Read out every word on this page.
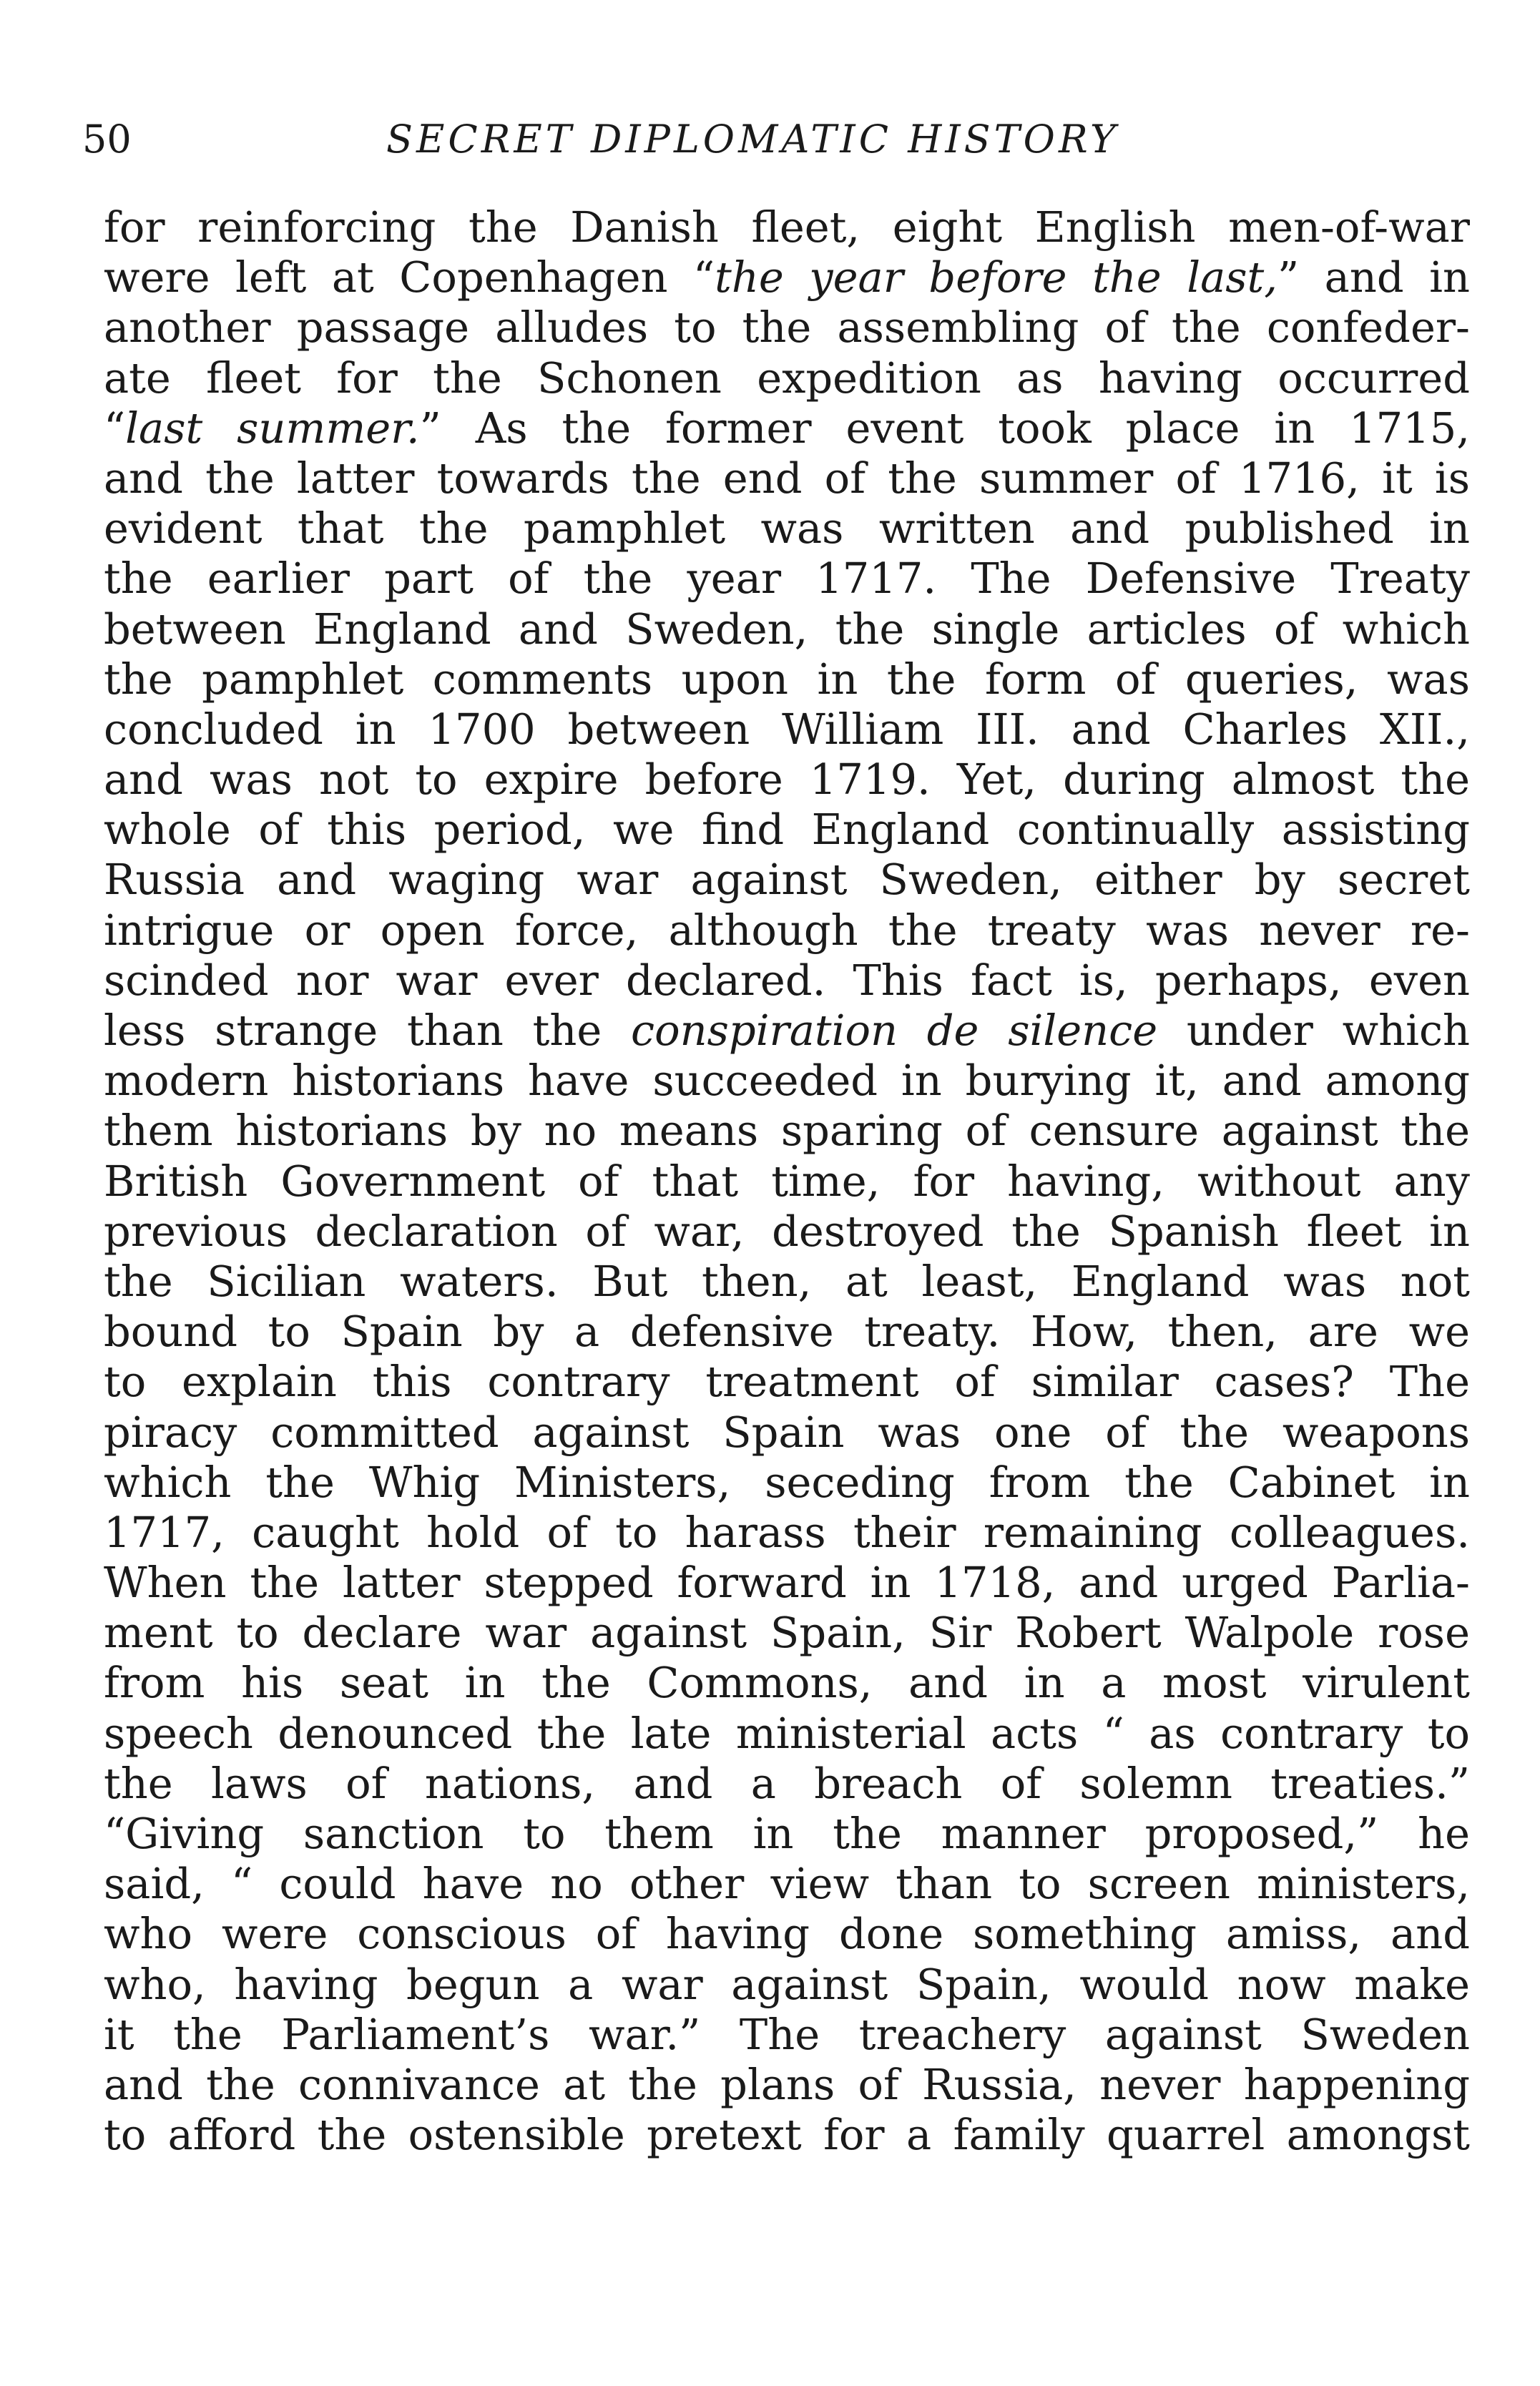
50	SECRET DIPLOMATIC HISTORY
for reinforcing the Danish fleet, eight English men-of-war
were left at Copenhagen “the year before the last,” and in
another passage alludes to the assembling of the confeder-
ate fleet for the Schonen expedition as having occurred
“last summer.” As the former event took place in 1715,
and the latter towards the end of the summer of 1716, it is
evident that the pamphlet was written and published in
the earlier part of the year 1717. The Defensive Treaty
between England and Sweden, the single articles of which
the pamphlet comments upon in the form of queries, was
concluded in 1700 between William III. and Charles XII.,
and was not to expire before 1719. Yet, during almost the
whole of this period, we find England continually assisting
Russia and waging war against Sweden, either by secret
intrigue or open force, although the treaty was never re-
scinded nor war ever declared. This fact is, perhaps, even
less strange than the conspiration de silence under which
modern historians have succeeded in burying it, and among
them historians by no means sparing of censure against the
British Government of that time, for having, without any
previous declaration of war, destroyed the Spanish fleet in
the Sicilian waters. But then, at least, England was not
bound to Spain by a defensive treaty. How, then, are we
to explain this contrary treatment of similar cases? The
piracy committed against Spain was one of the weapons
which the Whig Ministers, seceding from the Cabinet in
1717, caught hold of to harass their remaining colleagues.
When the latter stepped forward in 1718, and urged Parlia-
ment to declare war against Spain, Sir Robert Walpole rose
from his seat in the Commons, and in a most virulent
speech denounced the late ministerial acts “ as contrary to
the laws of nations, and a breach of solemn treaties.”
“Giving sanction to them in the manner proposed,” he
said, “ could have no other view than to screen ministers,
who were conscious of having done something amiss, and
who, having begun a war against Spain, would now make
it the Parliament’s war.” The treachery against Sweden
and the connivance at the plans of Russia, never happening
to afford the ostensible pretext for a family quarrel amongst
